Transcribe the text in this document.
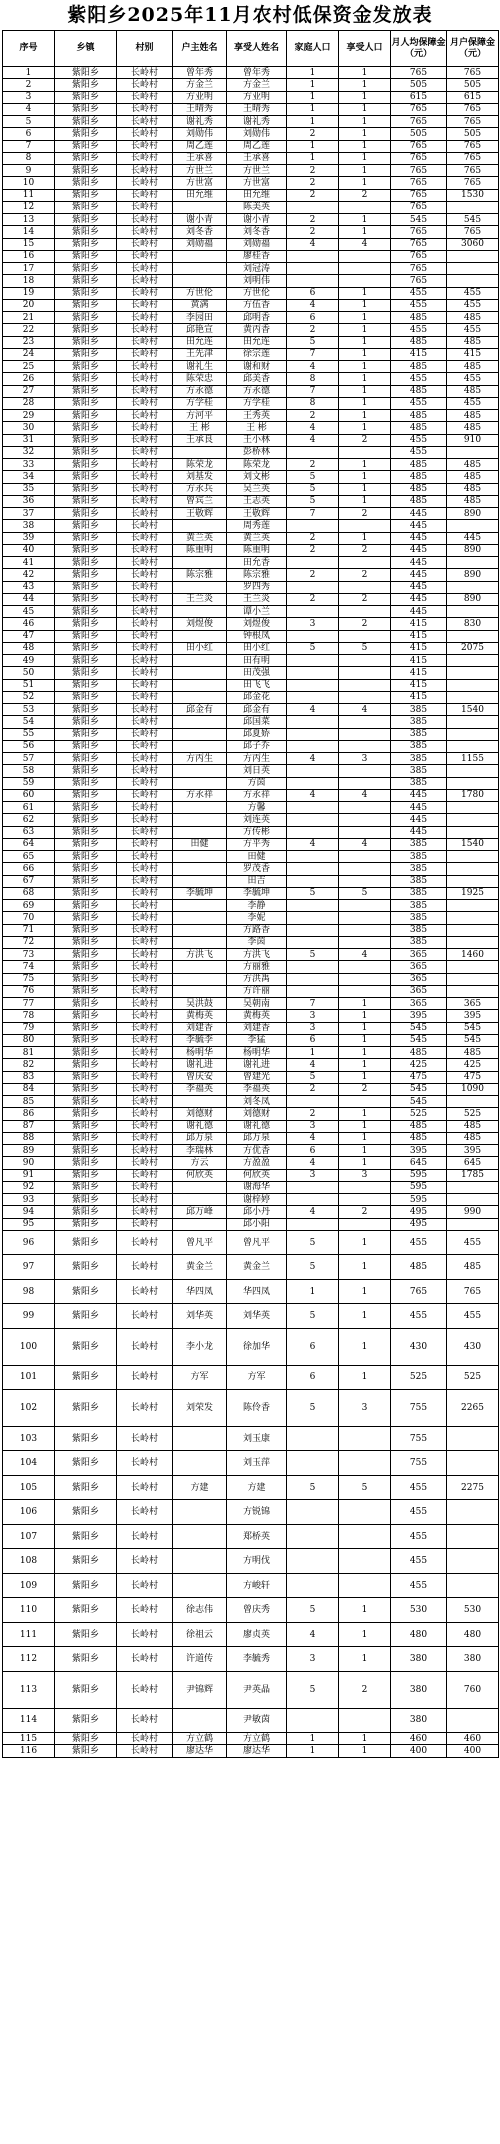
紫阳乡2025年11月农村低保资金发放表
序号	乡镇	村别	户主姓名	享受人姓名	家庭人口	享受人口	月人均保障金（元）	月户保障金（元）
1	紫阳乡	长岭村	曾年秀	曾年秀	1	1	765	765
2	紫阳乡	长岭村	方金兰	方金兰	1	1	505	505
3	紫阳乡	长岭村	方业明	方业明	1	1	615	615
4	紫阳乡	长岭村	王晴秀	王晴秀	1	1	765	765
5	紫阳乡	长岭村	谢礼秀	谢礼秀	1	1	765	765
6	紫阳乡	长岭村	刘勋伟	刘勋伟	2	1	505	505
7	紫阳乡	长岭村	周乙莲	周乙莲	1	1	765	765
8	紫阳乡	长岭村	王承喜	王承喜	1	1	765	765
9	紫阳乡	长岭村	方世兰	方世兰	2	1	765	765
10	紫阳乡	长岭村	方世富	方世富	2	1	765	765
11	紫阳乡	长岭村	田允维	田允维	2	2	765	1530
12	紫阳乡	长岭村		陈美英			765	
13	紫阳乡	长岭村	谢小青	谢小青	2	1	545	545
14	紫阳乡	长岭村	刘冬香	刘冬香	2	1	765	765
15	紫阳乡	长岭村	刘勋福	刘勋福	4	4	765	3060
16	紫阳乡	长岭村		廖桂香			765	
17	紫阳乡	长岭村		刘冠涛			765	
18	紫阳乡	长岭村		刘明伟			765	
19	紫阳乡	长岭村	方世伦	方世伦	6	1	455	455
20	紫阳乡	长岭村	黄满	方伍香	4	1	455	455
21	紫阳乡	长岭村	李园田	邱明香	6	1	485	485
22	紫阳乡	长岭村	邱艳宣	黄丙香	2	1	455	455
23	紫阳乡	长岭村	田允连	田允连	5	1	485	485
24	紫阳乡	长岭村	王先津	徐宗莲	7	1	415	415
25	紫阳乡	长岭村	谢礼生	谢和财	4	1	485	485
26	紫阳乡	长岭村	陈荣忠	邱美香	8	1	455	455
27	紫阳乡	长岭村	方永德	方永德	7	1	485	485
28	紫阳乡	长岭村	方学桂	方学桂	8	1	455	455
29	紫阳乡	长岭村	方河平	王秀英	2	1	485	485
30	紫阳乡	长岭村	王 彬	王 彬	4	1	485	485
31	紫阳乡	长岭村	王承良	王小林	4	2	455	910
32	紫阳乡	长岭村		彭桥林			455	
33	紫阳乡	长岭村	陈荣龙	陈荣龙	2	1	485	485
34	紫阳乡	长岭村	刘基发	刘文彬	5	1	485	485
35	紫阳乡	长岭村	方永兵	吴兰英	5	1	485	485
36	紫阳乡	长岭村	曾宾兰	王志英	5	1	485	485
37	紫阳乡	长岭村	王敬辉	王敬辉	7	2	445	890
38	紫阳乡	长岭村		周秀莲			445	
39	紫阳乡	长岭村	黄兰英	黄兰英	2	1	445	445
40	紫阳乡	长岭村	陈重明	陈重明	2	2	445	890
41	紫阳乡	长岭村		田允香			445	
42	紫阳乡	长岭村	陈宗雅	陈宗雅	2	2	445	890
43	紫阳乡	长岭村		罗四秀			445	
44	紫阳乡	长岭村	王兰炎	王兰炎	2	2	445	890
45	紫阳乡	长岭村		谭小兰			445	
46	紫阳乡	长岭村	刘煜俊	刘煜俊	3	2	415	830
47	紫阳乡	长岭村		钟根凤			415	
48	紫阳乡	长岭村	田小红	田小红	5	5	415	2075
49	紫阳乡	长岭村		田有明			415	
50	紫阳乡	长岭村		田茂强			415	
51	紫阳乡	长岭村		田飞飞			415	
52	紫阳乡	长岭村		邱金花			415	
53	紫阳乡	长岭村	邱金有	邱金有	4	4	385	1540
54	紫阳乡	长岭村		邱国菜			385	
55	紫阳乡	长岭村		邱夏娇			385	
56	紫阳乡	长岭村		邱子乔			385	
57	紫阳乡	长岭村	方丙生	方丙生	4	3	385	1155
58	紫阳乡	长岭村		刘日英			385	
59	紫阳乡	长岭村		方茵			385	
60	紫阳乡	长岭村	方永祥	方永祥	4	4	445	1780
61	紫阳乡	长岭村		方馨			445	
62	紫阳乡	长岭村		刘连英			445	
63	紫阳乡	长岭村		方传彬			445	
64	紫阳乡	长岭村	田健	方平秀	4	4	385	1540
65	紫阳乡	长岭村		田健			385	
66	紫阳乡	长岭村		罗茂香			385	
67	紫阳乡	长岭村		田吉			385	
68	紫阳乡	长岭村	李毓坤	李毓坤	5	5	385	1925
69	紫阳乡	长岭村		李静			385	
70	紫阳乡	长岭村		李妮			385	
71	紫阳乡	长岭村		方路香			385	
72	紫阳乡	长岭村		李茵			385	
73	紫阳乡	长岭村	方洪飞	方洪飞	5	4	365	1460
74	紫阳乡	长岭村		方丽雅			365	
75	紫阳乡	长岭村		方洪禹			365	
76	紫阳乡	长岭村		方许丽			365	
77	紫阳乡	长岭村	吴洪鼓	吴朝南	7	1	365	365
78	紫阳乡	长岭村	黄梅英	黄梅英	3	1	395	395
79	紫阳乡	长岭村	刘建香	刘建香	3	1	545	545
80	紫阳乡	长岭村	李毓李	李猛	6	1	545	545
81	紫阳乡	长岭村	杨明华	杨明华	1	1	485	485
82	紫阳乡	长岭村	谢礼进	谢礼进	4	1	425	425
83	紫阳乡	长岭村	曾庆安	曾建光	5	1	475	475
84	紫阳乡	长岭村	李福英	李福英	2	2	545	1090
85	紫阳乡	长岭村		刘冬凤			545	
86	紫阳乡	长岭村	刘德财	刘德财	2	1	525	525
87	紫阳乡	长岭村	谢礼德	谢礼德	3	1	485	485
88	紫阳乡	长岭村	邱万泉	邱万泉	4	1	485	485
89	紫阳乡	长岭村	李瑞林	方优香	6	1	395	395
90	紫阳乡	长岭村	方云	方盈盈	4	1	645	645
91	紫阳乡	长岭村	何欣英	何欣英	3	3	595	1785
92	紫阳乡	长岭村		谢海华			595	
93	紫阳乡	长岭村		谢梓婷			595	
94	紫阳乡	长岭村	邱万峰	邱小丹	4	2	495	990
95	紫阳乡	长岭村		邱小阳			495	
96	紫阳乡	长岭村	曾凡平	曾凡平	5	1	455	455
97	紫阳乡	长岭村	黄金兰	黄金兰	5	1	485	485
98	紫阳乡	长岭村	华四凤	华四凤	1	1	765	765
99	紫阳乡	长岭村	刘华英	刘华英	5	1	455	455
100	紫阳乡	长岭村	李小龙	徐加华	6	1	430	430
101	紫阳乡	长岭村	方军	方军	6	1	525	525
102	紫阳乡	长岭村	刘荣发	陈伶香	5	3	755	2265
103	紫阳乡	长岭村		刘玉康			755	
104	紫阳乡	长岭村		刘玉萍			755	
105	紫阳乡	长岭村	方建	方建	5	5	455	2275
106	紫阳乡	长岭村		方锐锦			455	
107	紫阳乡	长岭村		郑桥英			455	
108	紫阳乡	长岭村		方明伐			455	
109	紫阳乡	长岭村		方峻轩			455	
110	紫阳乡	长岭村	徐志伟	曾庆秀	5	1	530	530
111	紫阳乡	长岭村	徐祖云	廖贞英	4	1	480	480
112	紫阳乡	长岭村	许道传	李毓秀	3	1	380	380
113	紫阳乡	长岭村	尹锦辉	尹英晶	5	2	380	760
114	紫阳乡	长岭村		尹敏茵			380	
115	紫阳乡	长岭村	方立鹤	方立鹤	1	1	460	460
116	紫阳乡	长岭村	廖达华	廖达华	1	1	400	400
